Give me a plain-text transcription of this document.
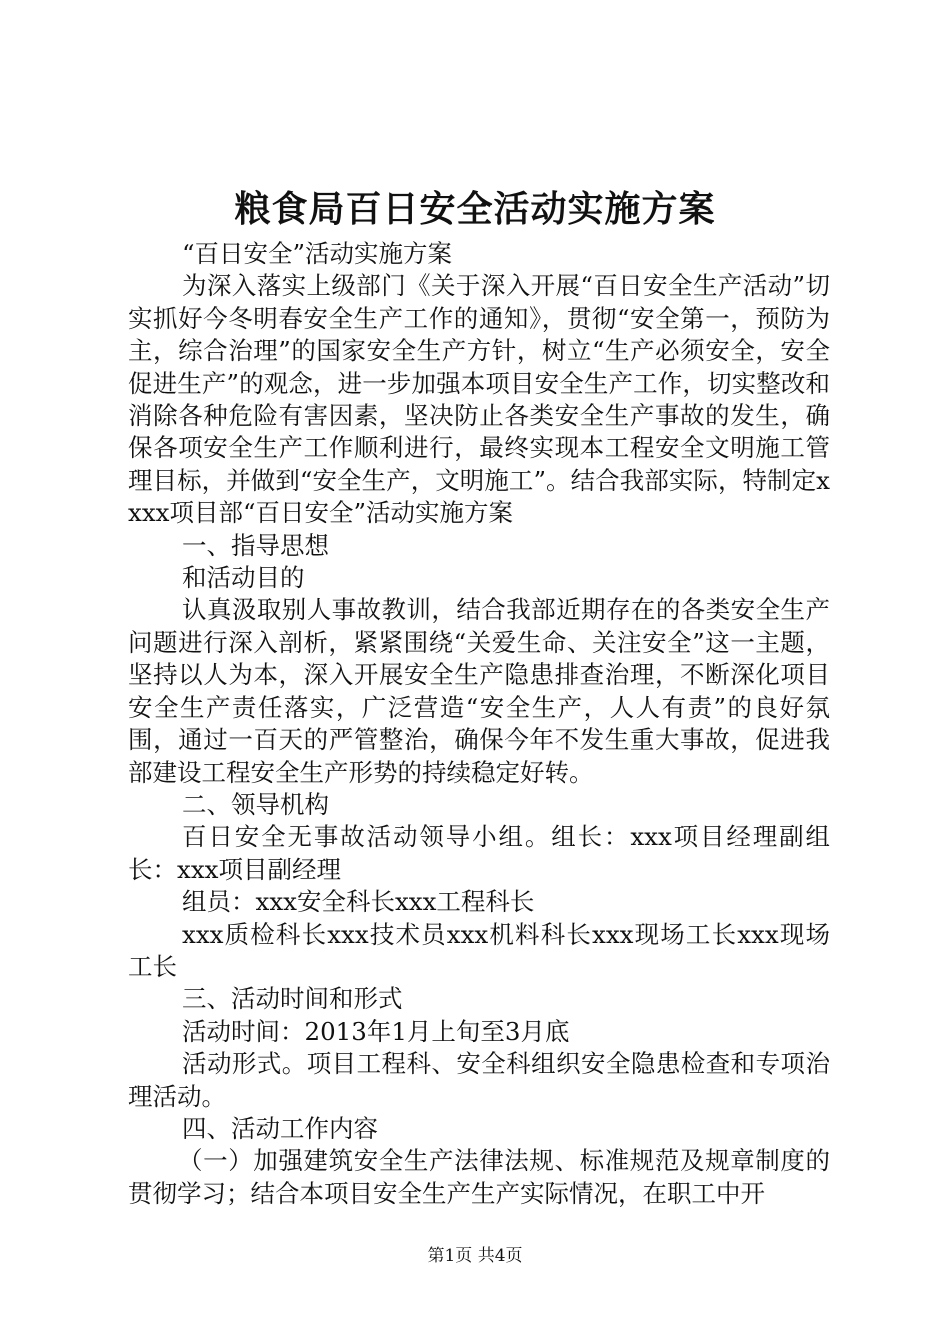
粮食局百日安全活动实施方案

“百日安全”活动实施方案

为深入落实上级部门《关于深入开展“百日安全生产活动”切实抓好今冬明春安全生产工作的通知》，贯彻“安全第一，预防为主，综合治理”的国家安全生产方针，树立“生产必须安全，安全促进生产”的观念，进一步加强本项目安全生产工作，切实整改和消除各种危险有害因素，坚决防止各类安全生产事故的发生，确保各项安全生产工作顺利进行，最终实现本工程安全文明施工管理目标，并做到“安全生产，文明施工”。结合我部实际，特制定xxxx项目部“百日安全”活动实施方案

一、指导思想

和活动目的

认真汲取别人事故教训，结合我部近期存在的各类安全生产问题进行深入剖析，紧紧围绕“关爱生命、关注安全”这一主题，坚持以人为本，深入开展安全生产隐患排查治理，不断深化项目安全生产责任落实，广泛营造“安全生产，人人有责”的良好氛围，通过一百天的严管整治，确保今年不发生重大事故，促进我部建设工程安全生产形势的持续稳定好转。

二、领导机构

百日安全无事故活动领导小组。组长：xxx项目经理副组长：xxx项目副经理

组员：xxx安全科长xxx工程科长

xxx质检科长xxx技术员xxx机料科长xxx现场工长xxx现场工长

三、活动时间和形式

活动时间：2013年1月上旬至3月底

活动形式。项目工程科、安全科组织安全隐患检查和专项治理活动。

四、活动工作内容

（一）加强建筑安全生产法律法规、标准规范及规章制度的贯彻学习；结合本项目安全生产生产实际情况，在职工中开

第1页 共4页
